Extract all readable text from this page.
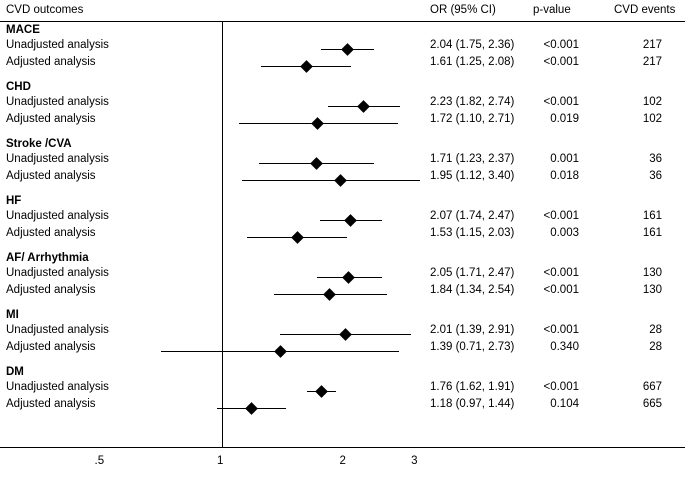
CVD outcomes	OR (95% CI)	p-value	CVD events
MACE
Unadjusted analysis	2.04 (1.75, 2.36)	<0.001	217
Adjusted analysis	1.61 (1.25, 2.08)	<0.001	217
CHD
Unadjusted analysis	2.23 (1.82, 2.74)	<0.001	102
Adjusted analysis	1.72 (1.10, 2.71)	0.019	102
Stroke /CVA
Unadjusted analysis	1.71 (1.23, 2.37)	0.001	36
Adjusted analysis	1.95 (1.12, 3.40)	0.018	36
HF
Unadjusted analysis	2.07 (1.74, 2.47)	<0.001	161
Adjusted analysis	1.53 (1.15, 2.03)	0.003	161
AF/ Arrhythmia
Unadjusted analysis	2.05 (1.71, 2.47)	<0.001	130
Adjusted analysis	1.84 (1.34, 2.54)	<0.001	130
MI
Unadjusted analysis	2.01 (1.39, 2.91)	<0.001	28
Adjusted analysis	1.39 (0.71, 2.73)	0.340	28
DM
Unadjusted analysis	1.76 (1.62, 1.91)	<0.001	667
Adjusted analysis	1.18 (0.97, 1.44)	0.104	665
.5	1	2	3
